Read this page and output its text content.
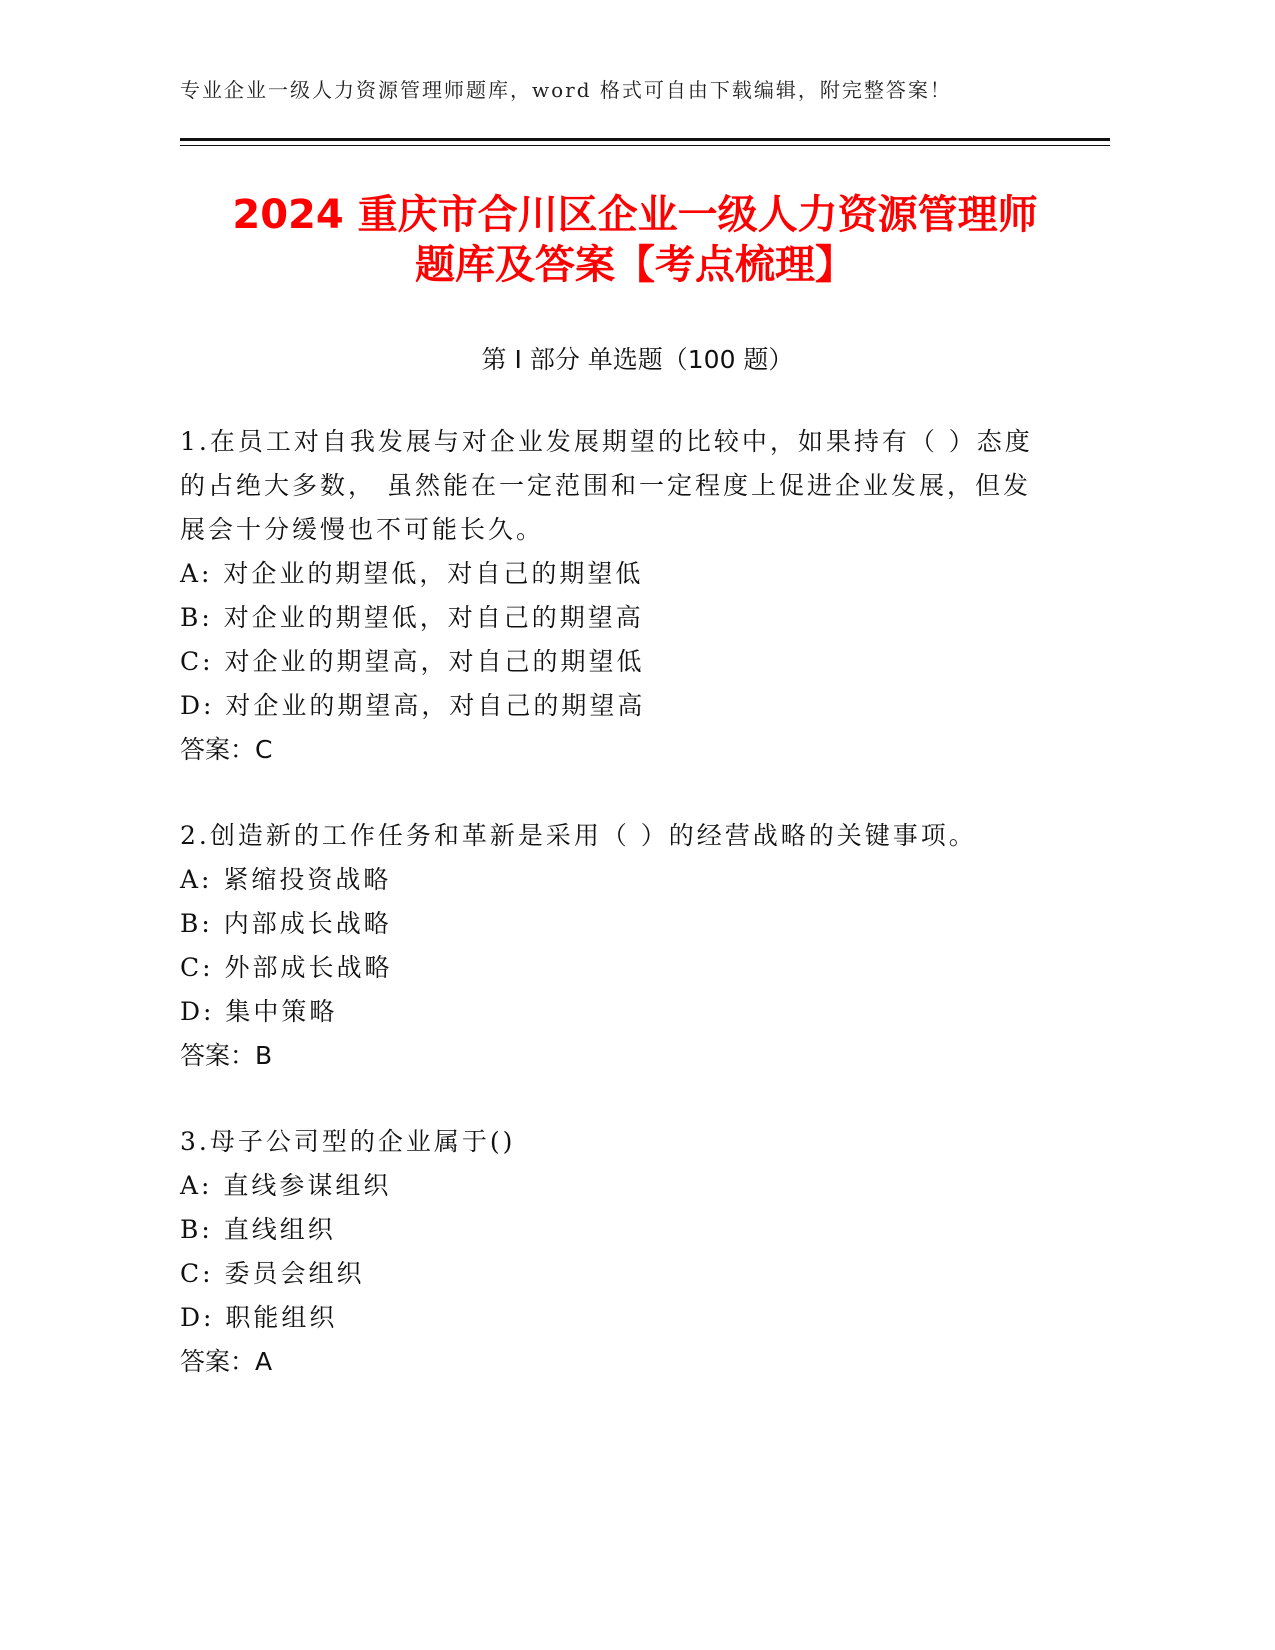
专业企业一级人力资源管理师题库，word 格式可自由下载编辑，附完整答案！
2024 重庆市合川区企业一级人力资源管理师
题库及答案【考点梳理】
第 I 部分 单选题（100 题）
1.在员工对自我发展与对企业发展期望的比较中，如果持有（ ）态度的占绝大多数， 虽然能在一定范围和一定程度上促进企业发展，但发展会十分缓慢也不可能长久。
A: 对企业的期望低，对自己的期望低
B: 对企业的期望低，对自己的期望高
C: 对企业的期望高，对自己的期望低
D: 对企业的期望高，对自己的期望高
答案：C
2.创造新的工作任务和革新是采用（ ）的经营战略的关键事项。
A: 紧缩投资战略
B: 内部成长战略
C: 外部成长战略
D: 集中策略
答案：B
3.母子公司型的企业属于()
A: 直线参谋组织
B: 直线组织
C: 委员会组织
D: 职能组织
答案：A
